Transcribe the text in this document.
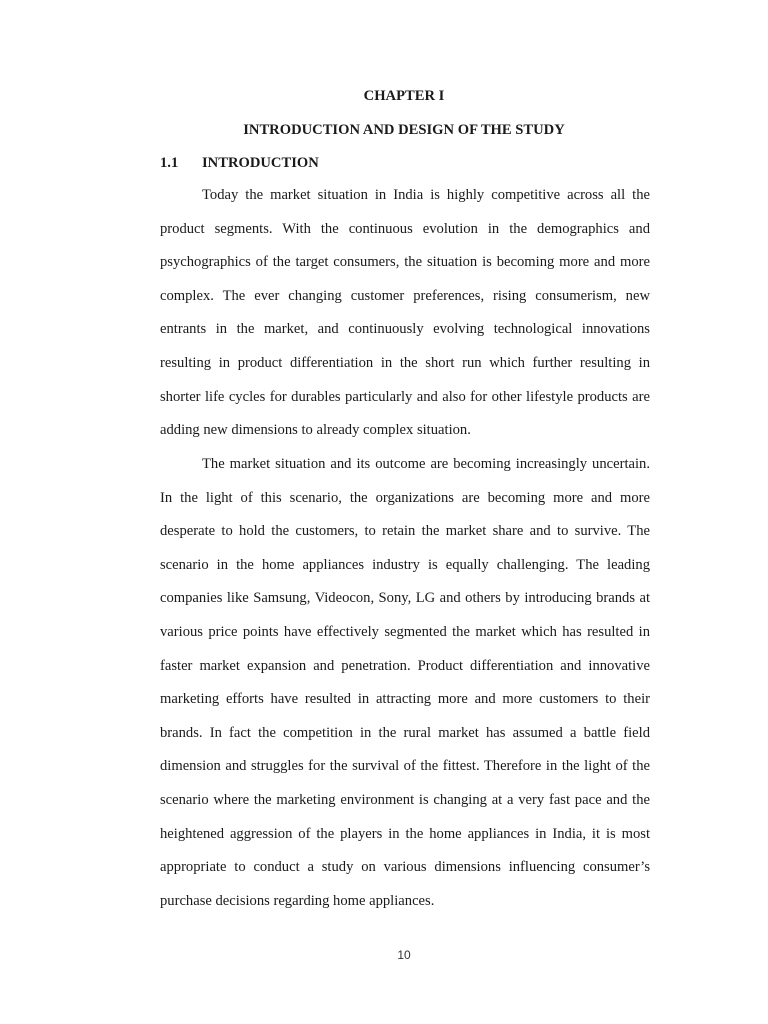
CHAPTER I
INTRODUCTION AND DESIGN OF THE STUDY
1.1 INTRODUCTION

Today the market situation in India is highly competitive across all the product segments. With the continuous evolution in the demographics and psychographics of the target consumers, the situation is becoming more and more complex. The ever changing customer preferences, rising consumerism, new entrants in the market, and continuously evolving technological innovations resulting in product differentiation in the short run which further resulting in shorter life cycles for durables particularly and also for other lifestyle products are adding new dimensions to already complex situation.

The market situation and its outcome are becoming increasingly uncertain. In the light of this scenario, the organizations are becoming more and more desperate to hold the customers, to retain the market share and to survive. The scenario in the home appliances industry is equally challenging. The leading companies like Samsung, Videocon, Sony, LG and others by introducing brands at various price points have effectively segmented the market which has resulted in faster market expansion and penetration. Product differentiation and innovative marketing efforts have resulted in attracting more and more customers to their brands. In fact the competition in the rural market has assumed a battle field dimension and struggles for the survival of the fittest. Therefore in the light of the scenario where the marketing environment is changing at a very fast pace and the heightened aggression of the players in the home appliances in India, it is most appropriate to conduct a study on various dimensions influencing consumer’s purchase decisions regarding home appliances.

10
